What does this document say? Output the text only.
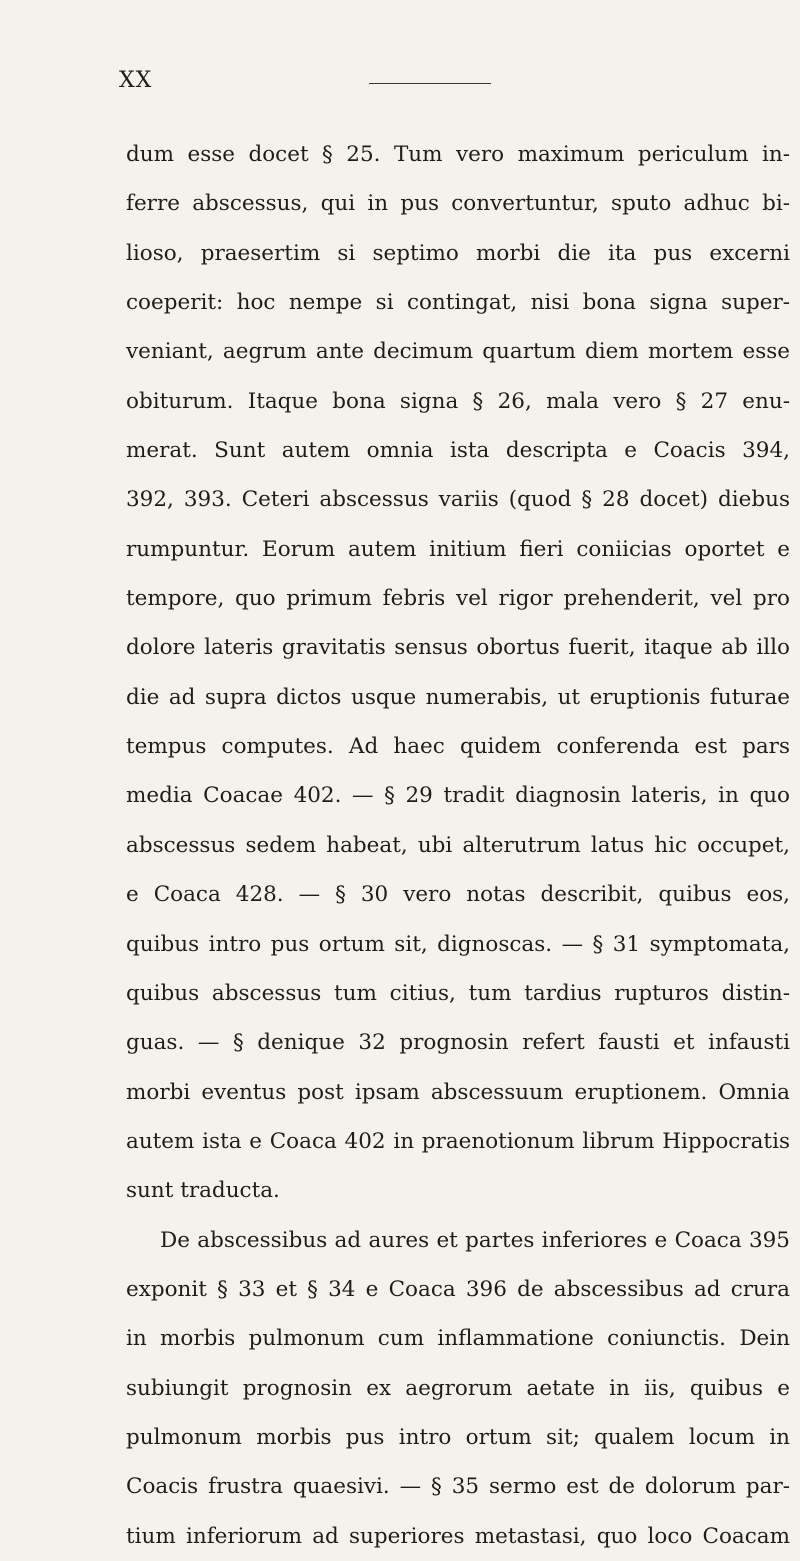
XX
dum esse docet § 25. Tum vero maximum periculum in-
ferre abscessus, qui in pus convertuntur, sputo adhuc bi-
lioso, praesertim si septimo morbi die ita pus excerni
coeperit: hoc nempe si contingat, nisi bona signa super-
veniant, aegrum ante decimum quartum diem mortem esse
obiturum. Itaque bona signa § 26, mala vero § 27 enu-
merat. Sunt autem omnia ista descripta e Coacis 394,
392, 393. Ceteri abscessus variis (quod § 28 docet) diebus
rumpuntur. Eorum autem initium fieri coniicias oportet e
tempore, quo primum febris vel rigor prehenderit, vel pro
dolore lateris gravitatis sensus obortus fuerit, itaque ab illo
die ad supra dictos usque numerabis, ut eruptionis futurae
tempus computes. Ad haec quidem conferenda est pars
media Coacae 402. — § 29 tradit diagnosin lateris, in quo
abscessus sedem habeat, ubi alterutrum latus hic occupet,
e Coaca 428. — § 30 vero notas describit, quibus eos,
quibus intro pus ortum sit, dignoscas. — § 31 symptomata,
quibus abscessus tum citius, tum tardius rupturos distin-
guas. — § denique 32 prognosin refert fausti et infausti
morbi eventus post ipsam abscessuum eruptionem. Omnia
autem ista e Coaca 402 in praenotionum librum Hippocratis
sunt traducta.
De abscessibus ad aures et partes inferiores e Coaca 395
exponit § 33 et § 34 e Coaca 396 de abscessibus ad crura
in morbis pulmonum cum inflammatione coniunctis. Dein
subiungit prognosin ex aegrorum aetate in iis, quibus e
pulmonum morbis pus intro ortum sit; qualem locum in
Coacis frustra quaesivi. — § 35 sermo est de dolorum par-
tium inferiorum ad superiores metastasi, quo loco Coacam
